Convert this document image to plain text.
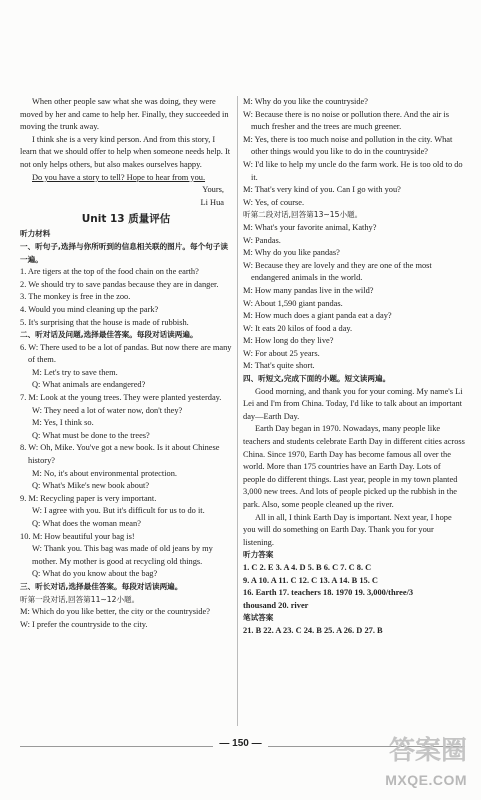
When other people saw what she was doing, they were moved by her and came to help her. Finally, they succeeded in moving the trunk away.

I think she is a very kind person. And from this story, I learn that we should offer to help when someone needs help. It not only helps others, but also makes ourselves happy.

Do you have a story to tell? Hope to hear from you.

Yours,

Li Hua

Unit 13 质量评估

听力材料

一、听句子,选择与你所听到的信息相关联的图片。每个句子读一遍。

1. Are tigers at the top of the food chain on the earth?

2. We should try to save pandas because they are in danger.

3. The monkey is free in the zoo.

4. Would you mind cleaning up the park?

5. It's surprising that the house is made of rubbish.

二、听对话及问题,选择最佳答案。每段对话读两遍。

6. W: There used to be a lot of pandas. But now there are many of them.

M: Let's try to save them.

Q: What animals are endangered?

7. M: Look at the young trees. They were planted yesterday.

W: They need a lot of water now, don't they?

M: Yes, I think so.

Q: What must be done to the trees?

8. W: Oh, Mike. You've got a new book. Is it about Chinese history?

M: No, it's about environmental protection.

Q: What's Mike's new book about?

9. M: Recycling paper is very important.

W: I agree with you. But it's difficult for us to do it.

Q: What does the woman mean?

10. M: How beautiful your bag is!

W: Thank you. This bag was made of old jeans by my mother. My mother is good at recycling old things.

Q: What do you know about the bag?

三、听长对话,选择最佳答案。每段对话读两遍。

听第一段对话,回答第11~12小题。

M: Which do you like better, the city or the countryside?

W: I prefer the countryside to the city.

M: Why do you like the countryside?

W: Because there is no noise or pollution there. And the air is much fresher and the trees are much greener.

M: Yes, there is too much noise and pollution in the city. What other things would you like to do in the countryside?

W: I'd like to help my uncle do the farm work. He is too old to do it.

M: That's very kind of you. Can I go with you?

W: Yes, of course.

听第二段对话,回答第13~15小题。

M: What's your favorite animal, Kathy?

W: Pandas.

M: Why do you like pandas?

W: Because they are lovely and they are one of the most endangered animals in the world.

M: How many pandas live in the wild?

W: About 1,590 giant pandas.

M: How much does a giant panda eat a day?

W: It eats 20 kilos of food a day.

M: How long do they live?

W: For about 25 years.

M: That's quite short.

四、听短文,完成下面的小题。短文读两遍。

Good morning, and thank you for your coming. My name's Li Lei and I'm from China. Today, I'd like to talk about an important day—Earth Day.

Earth Day began in 1970. Nowadays, many people like teachers and students celebrate Earth Day in different cities across China. Since 1970, Earth Day has become famous all over the world. More than 175 countries have an Earth Day. Lots of people do different things. Last year, people in my town planted 3,000 new trees. And lots of people picked up the rubbish in the park. Also, some people cleaned up the river.

All in all, I think Earth Day is important. Next year, I hope you will do something on Earth Day. Thank you for your listening.

听力答案

1. C 2. E 3. A 4. D 5. B 6. C 7. C 8. C

9. A 10. A 11. C 12. C 13. A 14. B 15. C

16. Earth 17. teachers 18. 1970 19. 3,000/three/3

thousand 20. river

笔试答案

21. B 22. A 23. C 24. B 25. A 26. D 27. B

— 150 —	答案圈
MXQE.COM
